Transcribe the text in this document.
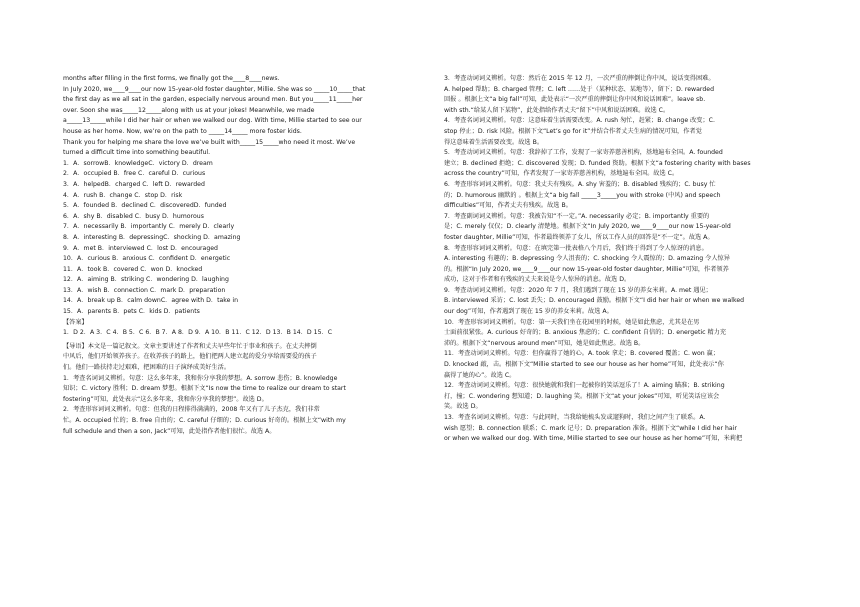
months after filling in the first forms, we finally got the____8____news.
In July 2020, we____9____our now 15-year-old foster daughter, Millie. She was so _____10_____that
the first day as we all sat in the garden, especially nervous around men. But you_____11_____her
over. Soon she was_____12_____along with us at your jokes! Meanwhile, we made
a_____13_____while I did her hair or when we walked our dog. With time, Millie started to see our
house as her home. Now, we’re on the path to _____14_____ more foster kids.
Thank you for helping me share the love we’ve built with_____15_____who need it most. We’ve
turned a difficult time into something beautiful.
1．A．sorrowB．knowledgeC．victory D．dream
2．A．occupied B．free C．careful D．curious
3．A．helpedB．charged C．left D．rewarded
4．A．rush B．change C．stop D．risk
5．A．founded B．declined C．discoveredD．funded
6．A．shy B．disabled C．busy D．humorous
7．A．necessarily B．importantly C．merely D．clearly
8．A．interesting B．depressingC．shocking D．amazing
9．A．met B．interviewed C．lost D．encouraged
10．A．curious B．anxious C．confident D．energetic
11．A．took B．covered C．won D．knocked
12．A．aiming B．striking C．wondering D．laughing
13．A．wish B．connection C．mark D．preparation
14．A．break up B．calm downC．agree with D．take in
15．A．parents B．pets C．kids D．patients
【答案】
1．D 2．A 3．C 4．B 5．C 6．B 7．A 8．D 9．A 10．B 11．C 12．D 13．B 14．D 15．C
【导语】本文是一篇记叙文。文章主要讲述了作者和丈夫早些年忙于事业和孩子。在丈夫摔倒
中风后，他们开始领养孩子。在收养孩子的路上，他们把两人建立起的爱分享给需要爱的孩子
们。他们一路扶持走过艰难，把困难的日子演绎成美好生活。
1．考查名词词义辨析。句意：这么多年来，我和你分享我的梦想。A. sorrow 悲伤；B. knowledge
知识；C. victory 胜利；D. dream 梦想。根据下文“Is now the time to realize our dream to start
fostering”可知，此处表示“这么多年来，我和你分享我的梦想”。故选 D。
2．考查形容词词义辨析。句意：但我的日程排得满满的，2008 年又有了儿子杰克，我们非常
忙。A. occupied 忙的；B. free 自由的；C. careful 仔细的；D. curious 好奇的。根据上文“with my
full schedule and then a son, Jack”可知，此处指作者他们很忙。故选 A。
3．考查动词词义辨析。句意：然后在 2015 年 12 月，一次严重的摔倒让你中风，说话变得困难。
A. helped 帮助；B. charged 管理；C. left ……处于（某种状态、某地等），留下；D. rewarded
回报 。根据上文“a big fall”可知，此处表示“一次严重的摔倒让你中风和说话困难”。leave sb.
with sth.“给某人留下某物”，此处指给作者丈夫“留下”中风和说话困难。故选 C。
4．考查名词词义辨析。句意：这意味着生活需要改变。A. rush 匆忙，赶紧；B. change 改变；C.
stop 停止；D. risk 风险。根据下文“Let’s go for it”并结合作者丈夫生病的情况可知，作者觉
得这意味着生活需要改变。故选 B。
5．考查动词词义辨析。句意：我辞掉了工作，发现了一家寄养慈善机构，基地遍布全国。A. founded
建立；B. declined 拒绝；C. discovered 发现；D. funded 资助。根据下文“a fostering charity with bases
across the country”可知，作者发现了一家寄养慈善机构，基地遍布全国。故选 C。
6．考查形容词词义辨析。句意：我丈夫有残疾。A. shy 害羞的；B. disabled 残疾的；C. busy 忙
的；D. humorous 幽默的 。根据上文“a big fall _____3_____you with stroke (中风) and speech
difficulties”可知，作者丈夫有残疾。故选 B。
7．考查副词词义辨析。句意：我被告知“不一定。”A. necessarily 必定；B. importantly 重要的
是；C. merely 仅仅；D. clearly 清楚地。根据下文“In July 2020, we____9____our now 15-year-old
foster daughter, Millie”可知，作者最终领养了女儿，所以工作人员的回答是“不一定”。故选 A。
8．考查形容词词义辨析。句意：在填完第一批表格八个月后，我们终于得到了令人惊讶的消息。
A. interesting 有趣的；B. depressing 令人沮丧的；C. shocking 令人震惊的；D. amazing 令人惊异
的。根据“In July 2020, we____9____our now 15-year-old foster daughter, Millie”可知，作者领养
成功，这对于作者和有残疾的丈夫来说是令人惊异的消息。故选 D。
9．考查动词词义辨析。句意：2020 年 7 月，我们遇到了现在 15 岁的养女米莉。A. met 遇见；
B. interviewed 采访；C. lost 丢失；D. encouraged 鼓励。根据下文“I did her hair or when we walked
our dog”可知，作者遇到了现在 15 岁的养女米莉。故选 A。
10．考查形容词词义辨析。句意：第一天我们坐在花园里的时候，她是如此焦虑，尤其是在男
士面前很紧张。A. curious 好奇的；B. anxious 焦虑的；C. confident 自信的；D. energetic 精力充
沛的。根据下文“nervous around men”可知，她是如此焦虑。故选 B。
11．考查动词词义辨析。句意：但你赢得了她的心。A. took 拿走；B. covered 覆盖；C. won 赢；
D. knocked 敲，击。根据下文“Millie started to see our house as her home”可知，此处表示“你
赢得了她的心”。故选 C。
12．考查动词词义辨析。句意：很快她就和我们一起被你的笑话逗乐了！A. aiming 瞄准；B. striking
打，撞；C. wondering 想知道；D. laughing 笑。根据下文“at your jokes”可知，听见笑话应该会
笑。故选 D。
13．考查名词词义辨析。句意：与此同时，当我给她梳头发或遛狗时，我们之间产生了联系。A.
wish 愿望；B. connection 联系；C. mark 记号；D. preparation 准备。根据下文“while I did her hair
or when we walked our dog. With time, Millie started to see our house as her home”可知，米莉把
